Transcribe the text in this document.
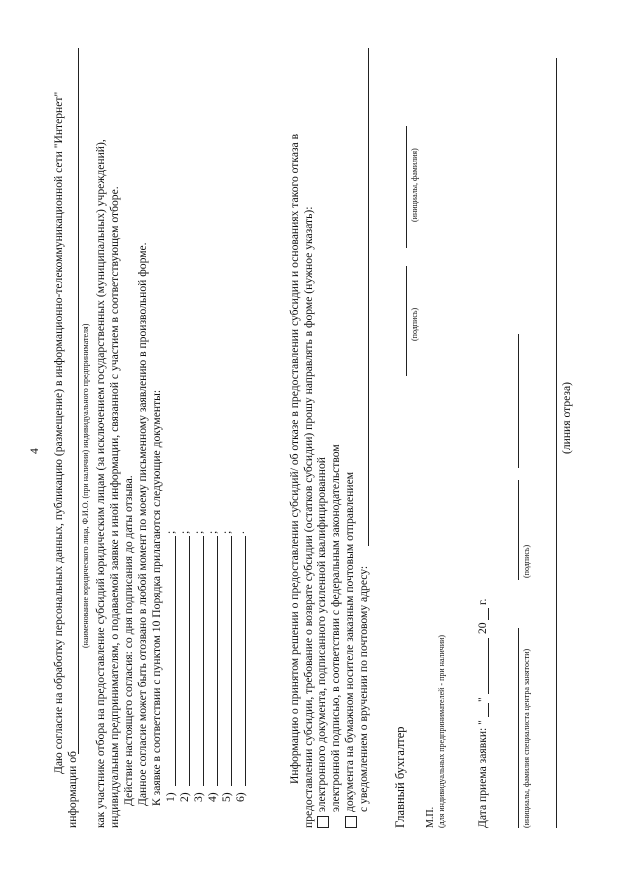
4 Даю согласие на обработку персональных данных, публикацию (размещение) в информационно-телекоммуникационной сети "Интернет"
информации об
(наименование юридического лица, Ф.И.О. (при наличии) индивидуального предпринимателя) как участнике отбора на предоставление субсидий юридическим лицам (за исключением государственных (муниципальных) учреждений), индивидуальным предпринимателям, о подаваемой заявке и иной информации, связанной с участием в соответствующем отборе. Действие настоящего согласия: со дня подписания до даты отзыва. Данное согласие может быть отозвано в любой момент по моему письменному заявлению в произвольной форме. К заявке в соответствии с пунктом 10 Порядка прилагаются следующие документы: 1)
;
2)
;
3)
;
4)
;
5)
;
6)
.	Информацию о принятом решении о предоставлении субсидий/ об отказе в предоставлении субсидии и основаниях такого отказа в предоставлении субсидии, требование о возврате субсидии (остатков субсидии) прошу направлять в форме (нужное указать): электронного документа, подписанного усиленной квалифицированной электронной подписью, в соответствии с федеральным законодательством документа на бумажном носителе заказным почтовым отправлением с уведомлением о вручении по почтовому адресу: Главный бухгалтер
(подпись)
(инициалы, фамилия)
М.П. (для индивидуальных предпринимателей - при наличии)	Дата приема заявки: "
"
20
г.
(инициалы, фамилия специалиста центра занятости)
(подпись)
(линия отреза)
